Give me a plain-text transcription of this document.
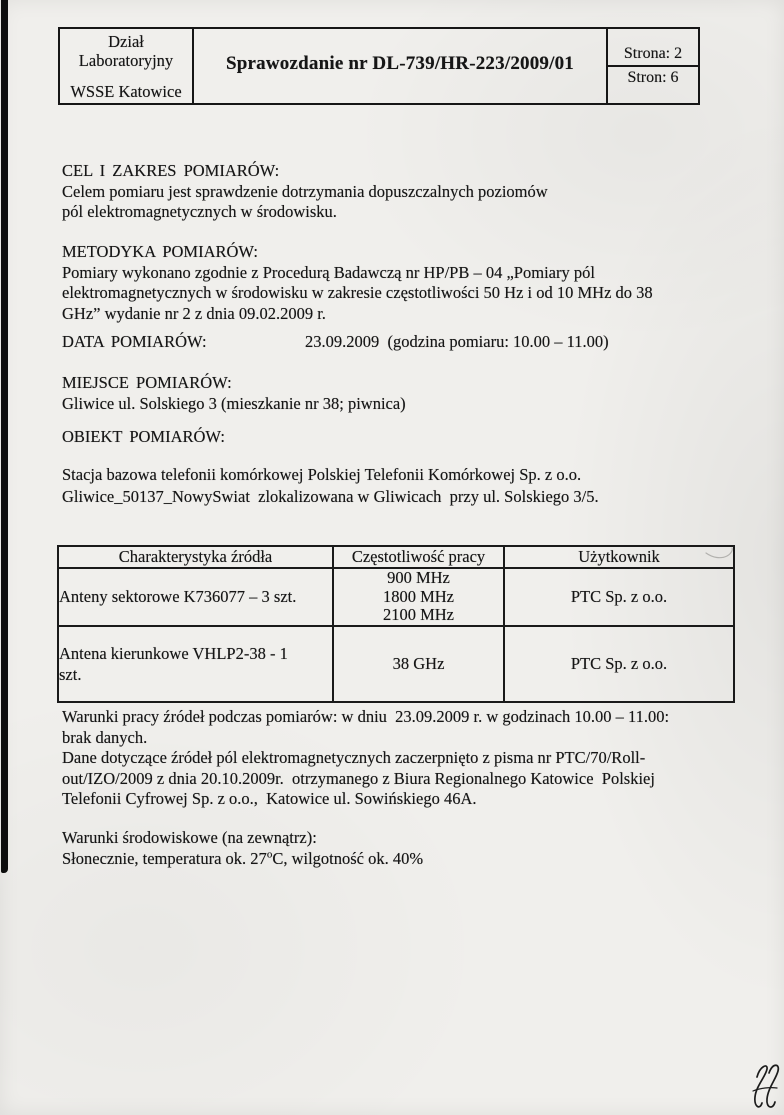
Dział
Laboratoryjny
WSSE Katowice
Sprawozdanie nr DL-739/HR-223/2009/01	Strona: 2
Stron: 6
CEL I ZAKRES POMIARÓW:
Celem pomiaru jest sprawdzenie dotrzymania dopuszczalnych poziomów
pól elektromagnetycznych w środowisku.
METODYKA POMIARÓW:
Pomiary wykonano zgodnie z Procedurą Badawczą nr HP/PB – 04 „Pomiary pól
elektromagnetycznych w środowisku w zakresie częstotliwości 50 Hz i od 10 MHz do 38
GHz” wydanie nr 2 z dnia 09.02.2009 r.
DATA POMIARÓW:	23.09.2009  (godzina pomiaru: 10.00 – 11.00)
MIEJSCE POMIARÓW:
Gliwice ul. Solskiego 3 (mieszkanie nr 38; piwnica)
OBIEKT POMIARÓW:
Stacja bazowa telefonii komórkowej Polskiej Telefonii Komórkowej Sp. z o.o.
Gliwice_50137_NowySwiat  zlokalizowana w Gliwicach  przy ul. Solskiego 3/5.
Charakterystyka źródła	Częstotliwość pracy	Użytkownik
Anteny sektorowe K736077 – 3 szt.	900 MHz
1800 MHz
2100 MHz	PTC Sp. z o.o.

Antena kierunkowe VHLP2-38 - 1
szt.	38 GHz	PTC Sp. z o.o.
Warunki pracy źródeł podczas pomiarów: w dniu  23.09.2009 r. w godzinach 10.00 – 11.00:
brak danych.
Dane dotyczące źródeł pól elektromagnetycznych zaczerpnięto z pisma nr PTC/70/Roll-
out/IZO/2009 z dnia 20.10.2009r.  otrzymanego z Biura Regionalnego Katowice  Polskiej
Telefonii Cyfrowej Sp. z o.o.,  Katowice ul. Sowińskiego 46A.
Warunki środowiskowe (na zewnątrz):
Słonecznie, temperatura ok. 27$^o$C, wilgotność ok. 40%
